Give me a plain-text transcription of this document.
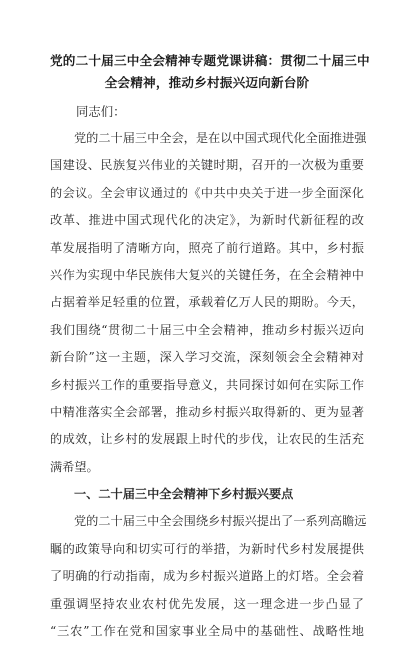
党的二十届三中全会精神专题党课讲稿：贯彻二十届三中
全会精神，推动乡村振兴迈向新台阶

同志们：

党的二十届三中全会，是在以中国式现代化全面推进强
国建设、民族复兴伟业的关键时期，召开的一次极为重要
的会议。全会审议通过的《中共中央关于进一步全面深化
改革、推进中国式现代化的决定》，为新时代新征程的改
革发展指明了清晰方向，照亮了前行道路。其中，乡村振
兴作为实现中华民族伟大复兴的关键任务，在全会精神中
占据着举足轻重的位置，承载着亿万人民的期盼。今天，
我们围绕“贯彻二十届三中全会精神，推动乡村振兴迈向
新台阶”这一主题，深入学习交流，深刻领会全会精神对
乡村振兴工作的重要指导意义，共同探讨如何在实际工作
中精准落实全会部署，推动乡村振兴取得新的、更为显著
的成效，让乡村的发展跟上时代的步伐，让农民的生活充
满希望。
一、二十届三中全会精神下乡村振兴要点
党的二十届三中全会围绕乡村振兴提出了一系列高瞻远
瞩的政策导向和切实可行的举措，为新时代乡村发展提供
了明确的行动指南，成为乡村振兴道路上的灯塔。全会着
重强调坚持农业农村优先发展，这一理念进一步凸显了
“三农”工作在党和国家事业全局中的基础性、战略性地
